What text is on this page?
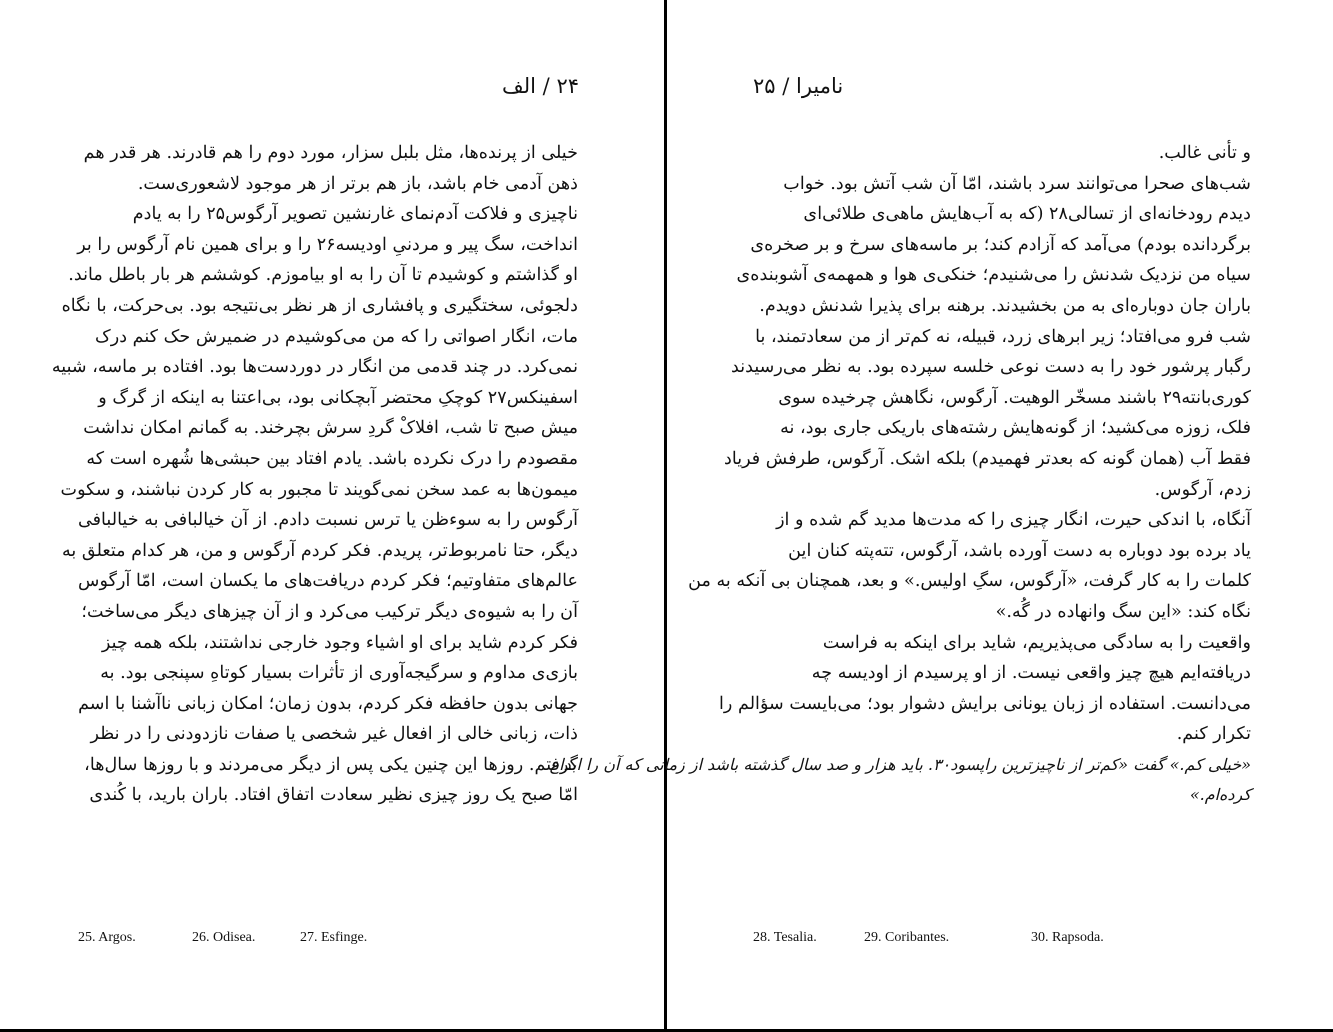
۲۴ / الف
خیلی از پرنده‌ها، مثل بلبل سزار، مورد دوم را هم قادرند. هر قدر هم
ذهن آدمی خام باشد، باز هم برتر از هر موجود لاشعوری‌ست.
ناچیزی و فلاکت آدم‌نمای غارنشین تصویر آرگوس۲۵ را به یادم
انداخت، سگ پیر و مردنیِ اودیسه۲۶ را و برای همین نام آرگوس را بر
او گذاشتم و کوشیدم تا آن را به او بیاموزم. کوششم هر بار باطل ماند.
دلجوئی، سختگیری و پافشاری از هر نظر بی‌نتیجه بود. بی‌حرکت، با نگاه
مات، انگار اصواتی را که من می‌کوشیدم در ضمیرش حک کنم درک
نمی‌کرد. در چند قدمی من انگار در دوردست‌ها بود. افتاده بر ماسه، شبیه
اسفینکس۲۷ کوچکِ محتضر آبچکانی بود، بی‌اعتنا به اینکه از گرگ و
میش صبح تا شب، افلاکْ گردِ سرش بچرخند. به گمانم امکان نداشت
مقصودم را درک نکرده باشد. یادم افتاد بین حبشی‌ها شُهره است که
میمون‌ها به عمد سخن نمی‌گویند تا مجبور به کار کردن نباشند، و سکوت
آرگوس را به سوءظن یا ترس نسبت دادم. از آن خیالبافی به خیالبافی
دیگر، حتا نامربوط‌تر، پریدم. فکر کردم آرگوس و من، هر کدام متعلق به
عالم‌های متفاوتیم؛ فکر کردم دریافت‌های ما یکسان است، امّا آرگوس
آن را به شیوه‌ی دیگر ترکیب می‌کرد و از آن چیزهای دیگر می‌ساخت؛
فکر کردم شاید برای او اشیاء وجود خارجی نداشتند، بلکه همه چیز
بازی‌ی مداوم و سرگیجه‌آوری از تأثرات بسیار کوتاهِ سپنجی بود. به
جهانی بدون حافظه فکر کردم، بدون زمان؛ امکان زبانی ناآشنا با اسم
ذات، زبانی خالی از افعال غیر شخصی یا صفات نازدودنی را در نظر
گرفتم. روزها این چنین یکی پس از دیگر می‌مردند و با روزها سال‌ها،
امّا صبح یک روز چیزی نظیر سعادت اتفاق افتاد. باران بارید، با کُندی
25. Argos.	26. Odisea.	27. Esfinge.
نامیرا / ۲۵
و تأنی غالب.
شب‌های صحرا می‌توانند سرد باشند، امّا آن شب آتش بود. خواب
دیدم رودخانه‌ای از تسالی۲۸ (که به آب‌هایش ماهی‌ی طلائی‌ای
برگردانده بودم) می‌آمد که آزادم کند؛ بر ماسه‌های سرخ و بر صخره‌ی
سیاه من نزدیک شدنش را می‌شنیدم؛ خنکی‌ی هوا و همهمه‌ی آشوبنده‌ی
باران جان دوباره‌ای به من بخشیدند. برهنه برای پذیرا شدنش دویدم.
شب فرو می‌افتاد؛ زیر ابرهای زرد، قبیله، نه کم‌تر از من سعادتمند، با
رگبار پرشور خود را به دست نوعی خلسه سپرده بود. به نظر می‌رسیدند
کوری‌بانته۲۹ باشند مسخّر الوهیت. آرگوس، نگاهش چرخیده سوی
فلک، زوزه می‌کشید؛ از گونه‌هایش رشته‌های باریکی جاری بود، نه
فقط آب (همان گونه که بعدتر فهمیدم) بلکه اشک. آرگوس، طرفش فریاد
زدم، آرگوس.
آنگاه، با اندکی حیرت، انگار چیزی را که مدت‌ها مدید گم شده و از
یاد برده بود دوباره به دست آورده باشد، آرگوس، تته‌پته کنان این
کلمات را به کار گرفت، «آرگوس، سگِ اولیس.» و بعد، همچنان بی آنکه به من
نگاه کند: «این سگ وانهاده در گُه.»
واقعیت را به سادگی می‌پذیریم، شاید برای اینکه به فراست
دریافته‌ایم هیچ چیز واقعی نیست. از او پرسیدم از اودیسه چه
می‌دانست. استفاده از زبان یونانی برایش دشوار بود؛ می‌بایست سؤالم را
تکرار کنم.
«خیلی کم.» گفت «کم‌تر از ناچیزترین راپسود۳۰. باید هزار و صد سال گذشته باشد از زمانی که آن را ابداع
کرده‌ام.»
28. Tesalia.	29. Coribantes.	30. Rapsoda.
